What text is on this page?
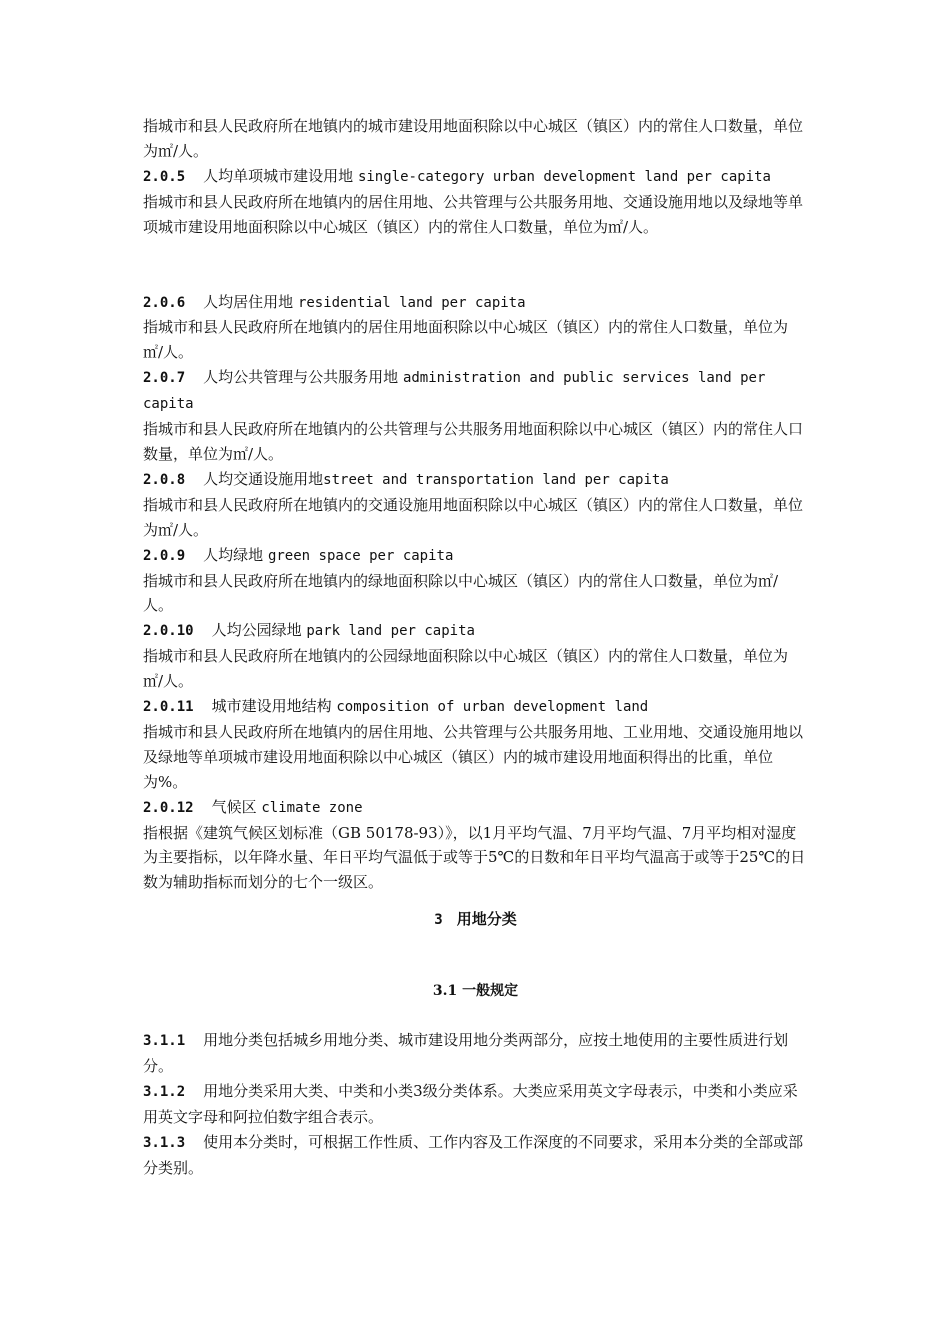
指城市和县人民政府所在地镇内的城市建设用地面积除以中心城区（镇区）内的常住人口数量，单位为㎡/人。

2.0.5 人均单项城市建设用地 single-category urban development land per capita

指城市和县人民政府所在地镇内的居住用地、公共管理与公共服务用地、交通设施用地以及绿地等单项城市建设用地面积除以中心城区（镇区）内的常住人口数量，单位为㎡/人。

2.0.6 人均居住用地 residential land per capita

指城市和县人民政府所在地镇内的居住用地面积除以中心城区（镇区）内的常住人口数量，单位为㎡/人。

2.0.7 人均公共管理与公共服务用地 administration and public services land per capita

指城市和县人民政府所在地镇内的公共管理与公共服务用地面积除以中心城区（镇区）内的常住人口数量，单位为㎡/人。

2.0.8 人均交通设施用地street and transportation land per capita

指城市和县人民政府所在地镇内的交通设施用地面积除以中心城区（镇区）内的常住人口数量，单位为㎡/人。

2.0.9 人均绿地 green space per capita

指城市和县人民政府所在地镇内的绿地面积除以中心城区（镇区）内的常住人口数量，单位为㎡/人。

2.0.10 人均公园绿地 park land per capita

指城市和县人民政府所在地镇内的公园绿地面积除以中心城区（镇区）内的常住人口数量，单位为㎡/人。

2.0.11 城市建设用地结构 composition of urban development land

指城市和县人民政府所在地镇内的居住用地、公共管理与公共服务用地、工业用地、交通设施用地以及绿地等单项城市建设用地面积除以中心城区（镇区）内的城市建设用地面积得出的比重，单位为%。

2.0.12 气候区 climate zone

指根据《建筑气候区划标准（GB 50178-93）》，以1月平均气温、7月平均气温、7月平均相对湿度为主要指标，以年降水量、年日平均气温低于或等于5℃的日数和年日平均气温高于或等于25℃的日数为辅助指标而划分的七个一级区。

3 用地分类

3.1 一般规定

3.1.1 用地分类包括城乡用地分类、城市建设用地分类两部分，应按土地使用的主要性质进行划分。

3.1.2 用地分类采用大类、中类和小类3级分类体系。大类应采用英文字母表示，中类和小类应采用英文字母和阿拉伯数字组合表示。

3.1.3 使用本分类时，可根据工作性质、工作内容及工作深度的不同要求，采用本分类的全部或部分类别。
